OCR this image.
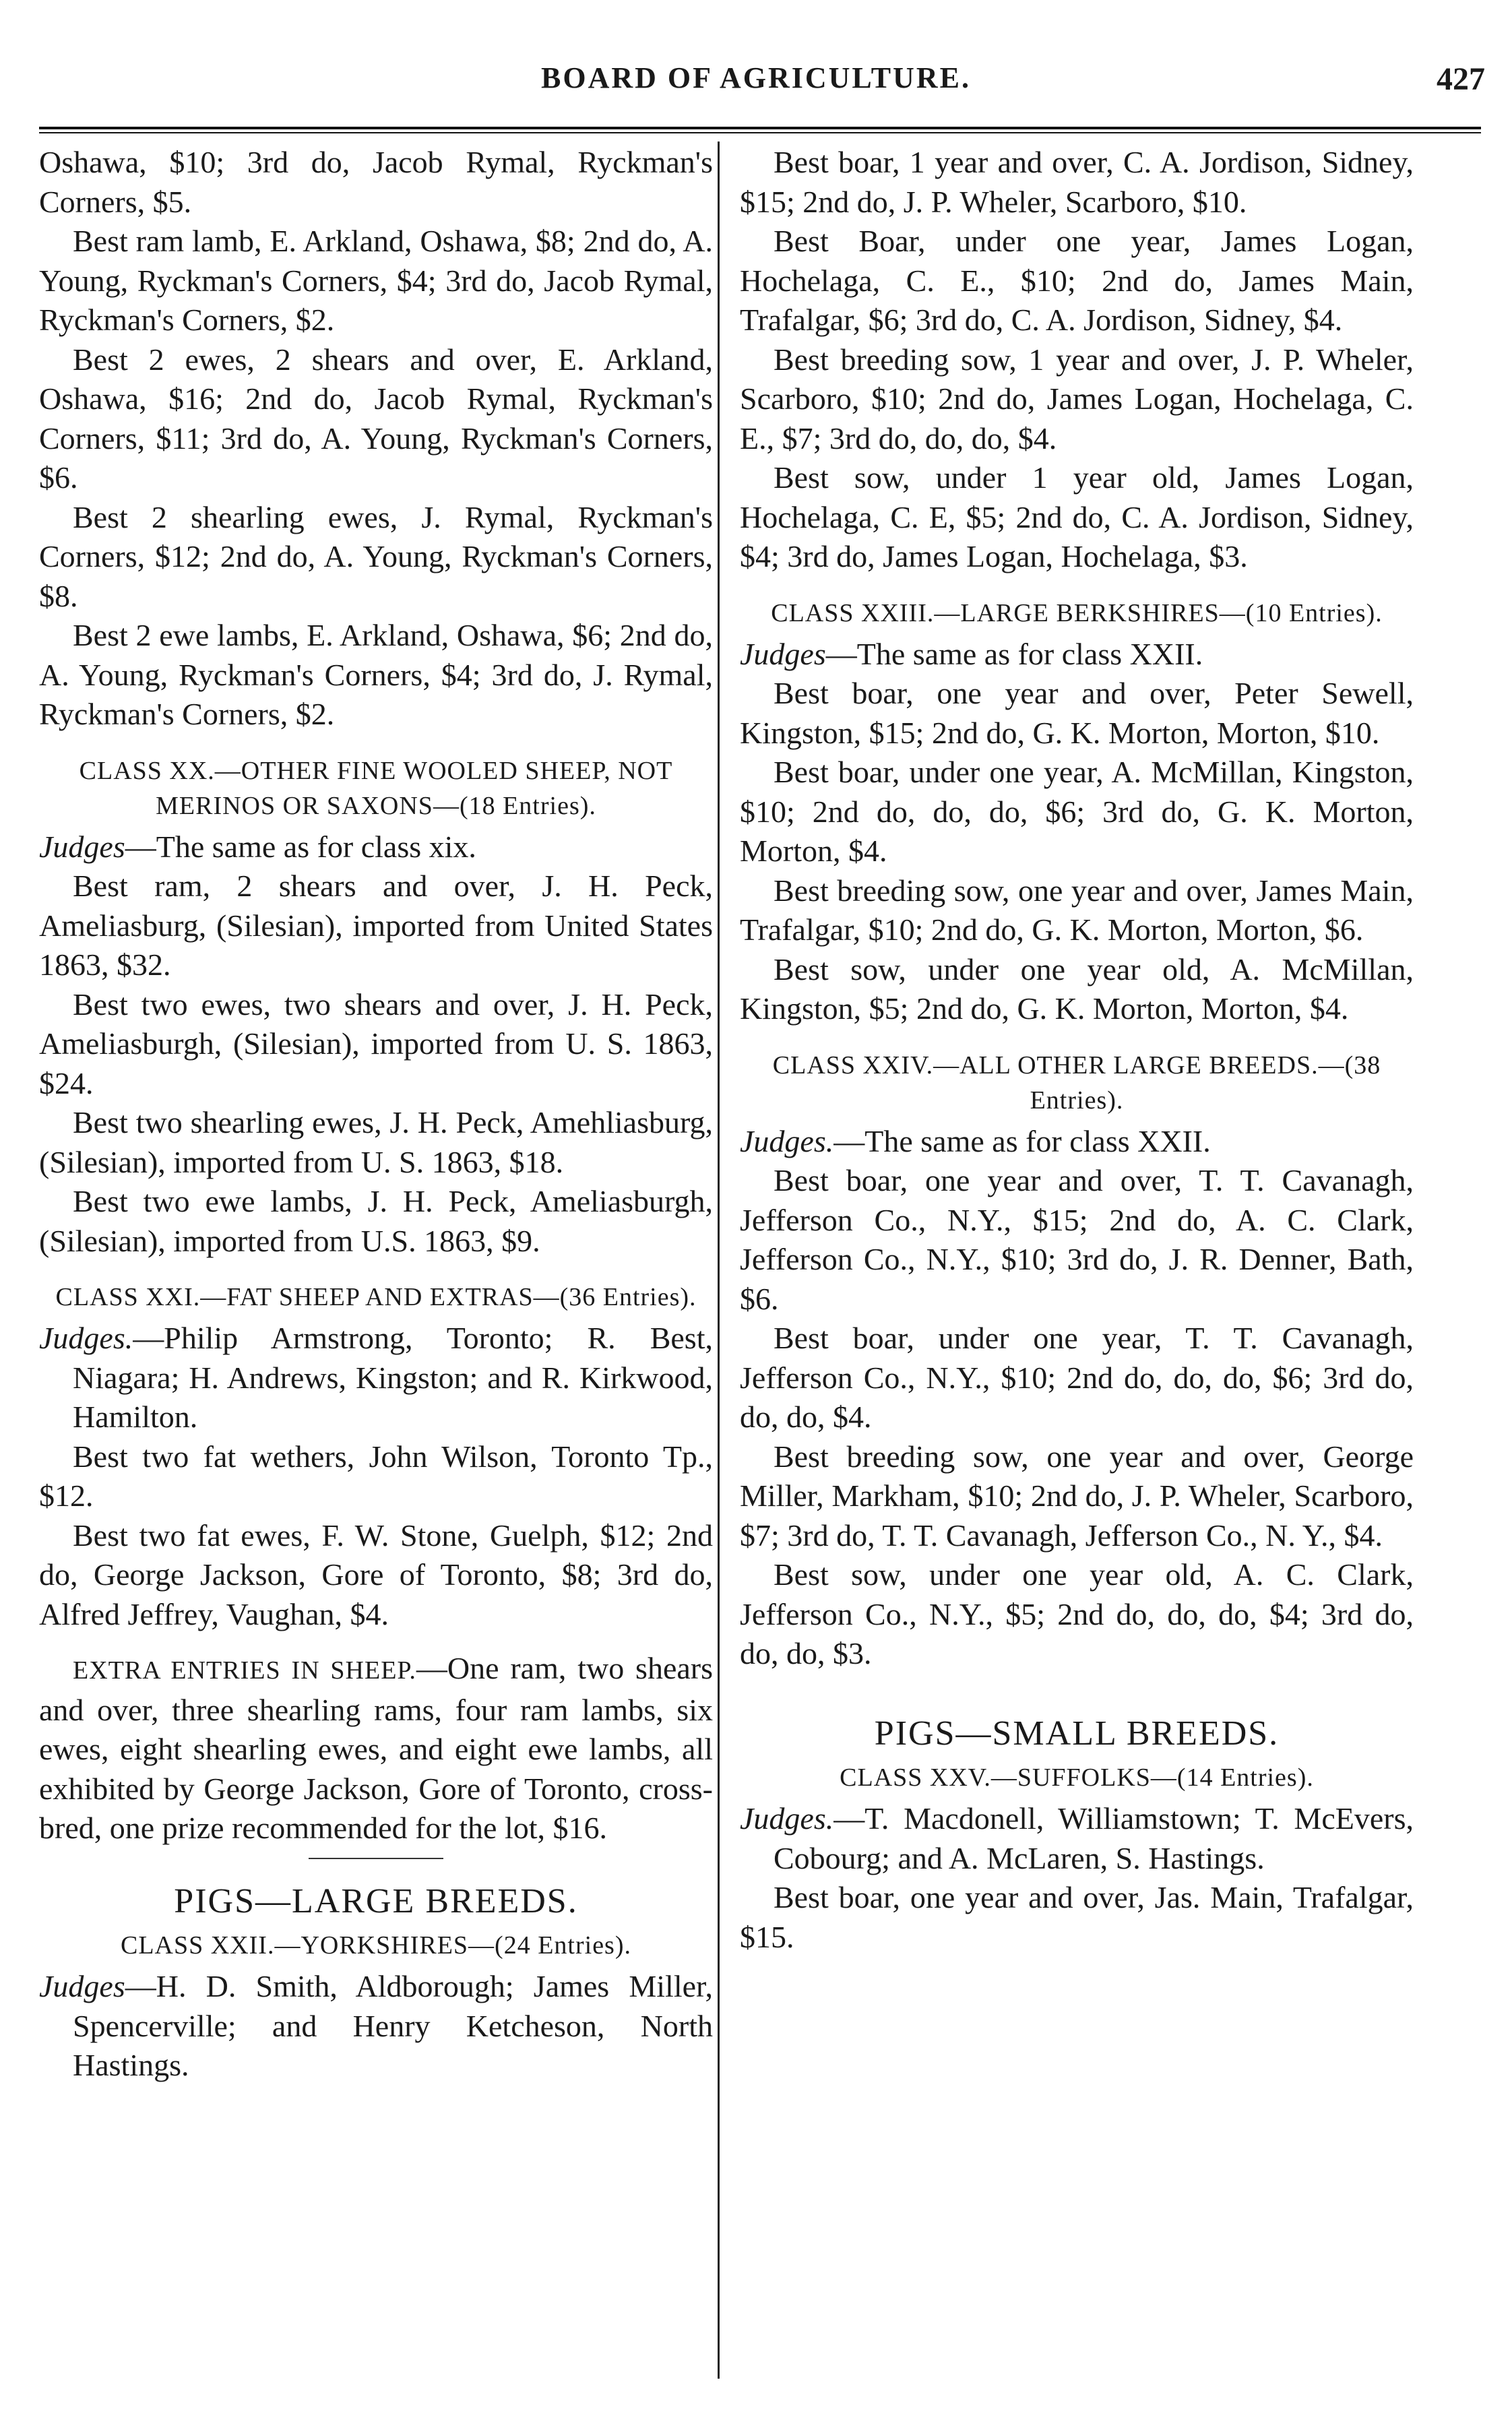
BOARD OF AGRICULTURE.	427

Oshawa, $10; 3rd do, Jacob Rymal, Ryckman's Corners, $5.

Best ram lamb, E. Arkland, Oshawa, $8; 2nd do, A. Young, Ryckman's Corners, $4; 3rd do, Jacob Rymal, Ryckman's Corners, $2.

Best 2 ewes, 2 shears and over, E. Arkland, Oshawa, $16; 2nd do, Jacob Rymal, Ryckman's Corners, $11; 3rd do, A. Young, Ryckman's Corners, $6.

Best 2 shearling ewes, J. Rymal, Ryckman's Corners, $12; 2nd do, A. Young, Ryckman's Corners, $8.

Best 2 ewe lambs, E. Arkland, Oshawa, $6; 2nd do, A. Young, Ryckman's Corners, $4; 3rd do, J. Rymal, Ryckman's Corners, $2.

CLASS XX.—OTHER FINE WOOLED SHEEP, NOT MERINOS OR SAXONS—(18 Entries).

Judges—The same as for class xix.

Best ram, 2 shears and over, J. H. Peck, Ameliasburg, (Silesian), imported from United States 1863, $32.

Best two ewes, two shears and over, J. H. Peck, Ameliasburgh, (Silesian), imported from U. S. 1863, $24.

Best two shearling ewes, J. H. Peck, Amehliasburg, (Silesian), imported from U. S. 1863, $18.

Best two ewe lambs, J. H. Peck, Ameliasburgh, (Silesian), imported from U.S. 1863, $9.

CLASS XXI.—FAT SHEEP AND EXTRAS—(36 Entries).

Judges.—Philip Armstrong, Toronto; R. Best, Niagara; H. Andrews, Kingston; and R. Kirkwood, Hamilton.

Best two fat wethers, John Wilson, Toronto Tp., $12.

Best two fat ewes, F. W. Stone, Guelph, $12; 2nd do, George Jackson, Gore of Toronto, $8; 3rd do, Alfred Jeffrey, Vaughan, $4.

EXTRA ENTRIES IN SHEEP.—One ram, two shears and over, three shearling rams, four ram lambs, six ewes, eight shearling ewes, and eight ewe lambs, all exhibited by George Jackson, Gore of Toronto, cross-bred, one prize recommended for the lot, $16.

PIGS—LARGE BREEDS.

CLASS XXII.—YORKSHIRES—(24 Entries).

Judges—H. D. Smith, Aldborough; James Miller, Spencerville; and Henry Ketcheson, North Hastings.

Best boar, 1 year and over, C. A. Jordison, Sidney, $15; 2nd do, J. P. Wheler, Scarboro, $10.

Best Boar, under one year, James Logan, Hochelaga, C. E., $10; 2nd do, James Main, Trafalgar, $6; 3rd do, C. A. Jordison, Sidney, $4.

Best breeding sow, 1 year and over, J. P. Wheler, Scarboro, $10; 2nd do, James Logan, Hochelaga, C. E., $7; 3rd do, do, do, $4.

Best sow, under 1 year old, James Logan, Hochelaga, C. E, $5; 2nd do, C. A. Jordison, Sidney, $4; 3rd do, James Logan, Hochelaga, $3.

CLASS XXIII.—LARGE BERKSHIRES—(10 Entries).

Judges—The same as for class XXII.

Best boar, one year and over, Peter Sewell, Kingston, $15; 2nd do, G. K. Morton, Morton, $10.

Best boar, under one year, A. McMillan, Kingston, $10; 2nd do, do, do, $6; 3rd do, G. K. Morton, Morton, $4.

Best breeding sow, one year and over, James Main, Trafalgar, $10; 2nd do, G. K. Morton, Morton, $6.

Best sow, under one year old, A. McMillan, Kingston, $5; 2nd do, G. K. Morton, Morton, $4.

CLASS XXIV.—ALL OTHER LARGE BREEDS.—(38 Entries).

Judges.—The same as for class XXII.

Best boar, one year and over, T. T. Cavanagh, Jefferson Co., N.Y., $15; 2nd do, A. C. Clark, Jefferson Co., N.Y., $10; 3rd do, J. R. Denner, Bath, $6.

Best boar, under one year, T. T. Cavanagh, Jefferson Co., N.Y., $10; 2nd do, do, do, $6; 3rd do, do, do, $4.

Best breeding sow, one year and over, George Miller, Markham, $10; 2nd do, J. P. Wheler, Scarboro, $7; 3rd do, T. T. Cavanagh, Jefferson Co., N. Y., $4.

Best sow, under one year old, A. C. Clark, Jefferson Co., N.Y., $5; 2nd do, do, do, $4; 3rd do, do, do, $3.

PIGS—SMALL BREEDS.

CLASS XXV.—SUFFOLKS—(14 Entries).

Judges.—T. Macdonell, Williamstown; T. McEvers, Cobourg; and A. McLaren, S. Hastings.

Best boar, one year and over, Jas. Main, Trafalgar, $15.
